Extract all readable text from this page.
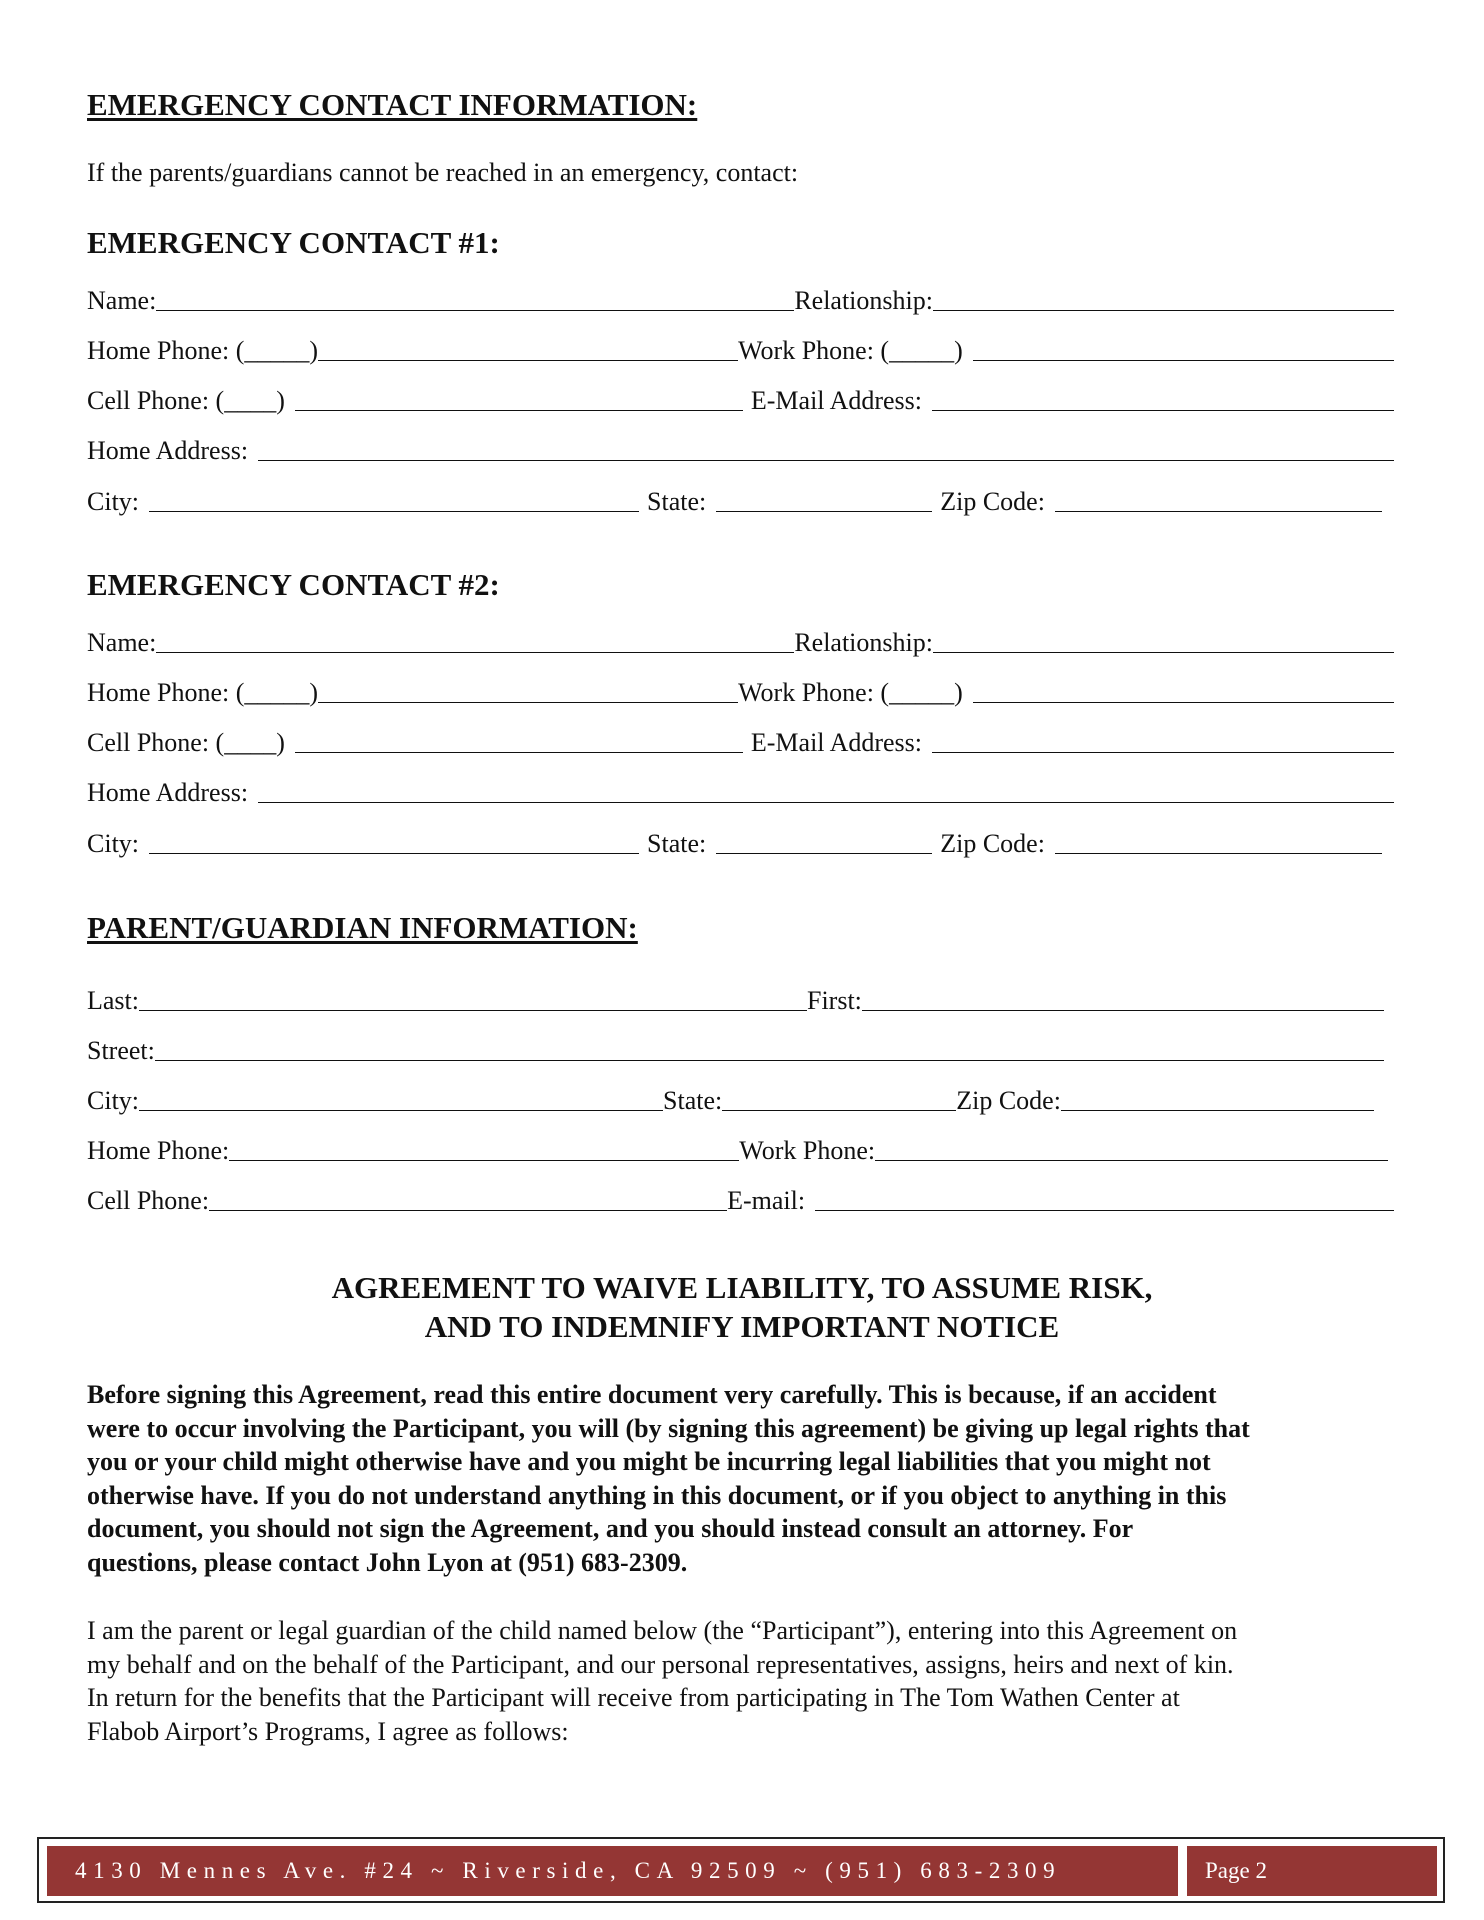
EMERGENCY CONTACT INFORMATION:
If the parents/guardians cannot be reached in an emergency, contact:
EMERGENCY CONTACT #1:
Name:	Relationship:
Home Phone: (_____)	Work Phone: (_____)
Cell Phone: (____)	E-Mail Address:
Home Address:
City:	State:	Zip Code:
EMERGENCY CONTACT #2:
Name:	Relationship:
Home Phone: (_____)	Work Phone: (_____)
Cell Phone: (____)	E-Mail Address:
Home Address:
City:	State:	Zip Code:
PARENT/GUARDIAN INFORMATION:
Last:	First:
Street:
City:	State:	Zip Code:
Home Phone:	Work Phone:
Cell Phone:	E-mail:
AGREEMENT TO WAIVE LIABILITY, TO ASSUME RISK,
AND TO INDEMNIFY IMPORTANT NOTICE
Before signing this Agreement, read this entire document very carefully. This is because, if an accident
were to occur involving the Participant, you will (by signing this agreement) be giving up legal rights that
you or your child might otherwise have and you might be incurring legal liabilities that you might not
otherwise have. If you do not understand anything in this document, or if you object to anything in this
document, you should not sign the Agreement, and you should instead consult an attorney. For
questions, please contact John Lyon at (951) 683-2309.
I am the parent or legal guardian of the child named below (the “Participant”), entering into this Agreement on
my behalf and on the behalf of the Participant, and our personal representatives, assigns, heirs and next of kin.
In return for the benefits that the Participant will receive from participating in The Tom Wathen Center at
Flabob Airport’s Programs, I agree as follows:
4130 Mennes Ave. #24 ~ Riverside, CA 92509 ~ (951) 683-2309	Page 2
